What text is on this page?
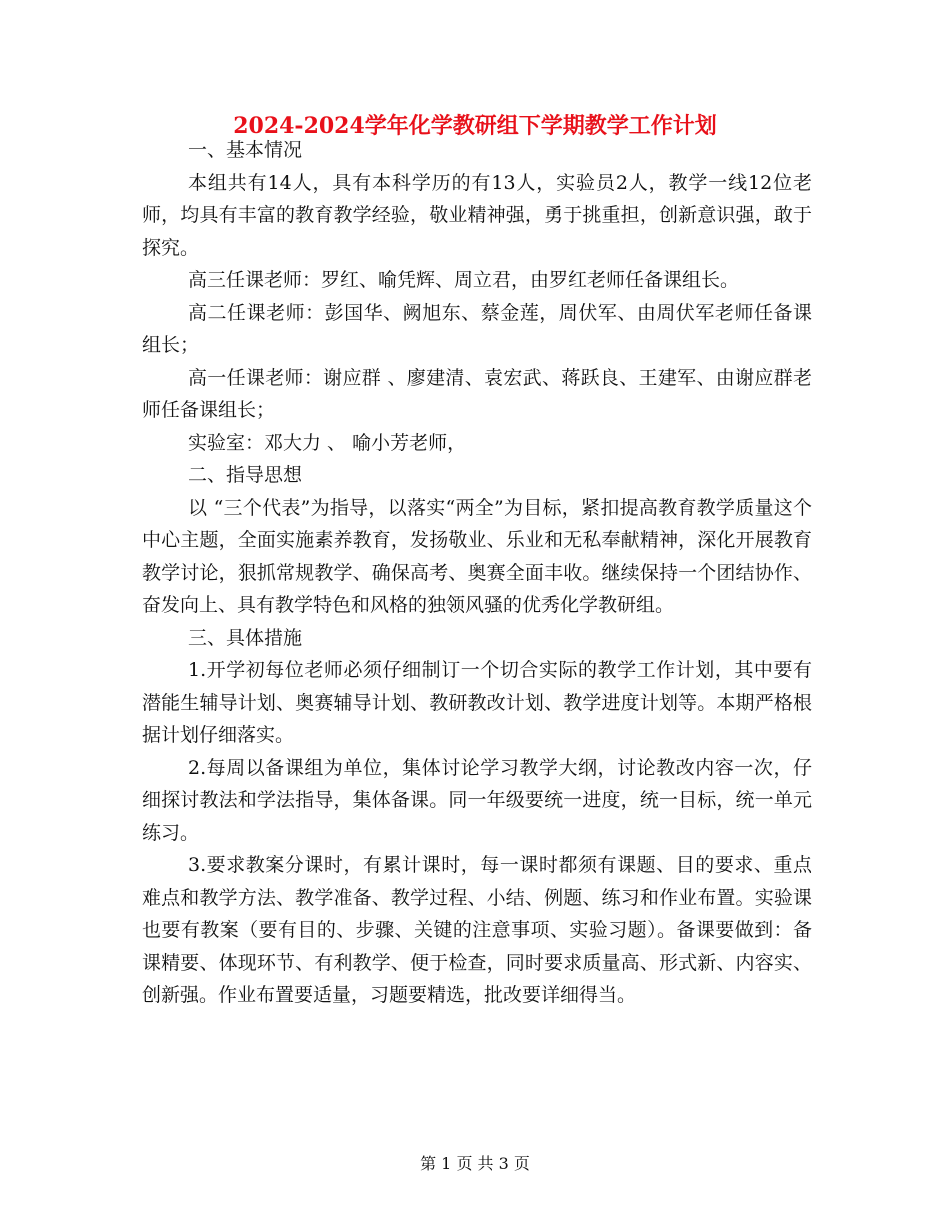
2024-2024学年化学教研组下学期教学工作计划

一、基本情况

本组共有14人，具有本科学历的有13人，实验员2人，教学一线12位老师，均具有丰富的教育教学经验，敬业精神强，勇于挑重担，创新意识强，敢于探究。

高三任课老师：罗红、喻凭辉、周立君，由罗红老师任备课组长。

高二任课老师：彭国华、阙旭东、蔡金莲，周伏军、由周伏军老师任备课组长；

高一任课老师：谢应群 、廖建清、袁宏武、蒋跃良、王建军、由谢应群老师任备课组长；

实验室：邓大力 、 喻小芳老师，

二、指导思想

以 “三个代表”为指导，以落实“两全”为目标，紧扣提高教育教学质量这个中心主题，全面实施素养教育，发扬敬业、乐业和无私奉献精神，深化开展教育教学讨论，狠抓常规教学、确保高考、奥赛全面丰收。继续保持一个团结协作、奋发向上、具有教学特色和风格的独领风骚的优秀化学教研组。

三、具体措施

1.开学初每位老师必须仔细制订一个切合实际的教学工作计划，其中要有潜能生辅导计划、奥赛辅导计划、教研教改计划、教学进度计划等。本期严格根据计划仔细落实。

2.每周以备课组为单位，集体讨论学习教学大纲，讨论教改内容一次，仔细探讨教法和学法指导，集体备课。同一年级要统一进度，统一目标，统一单元练习。

3.要求教案分课时，有累计课时，每一课时都须有课题、目的要求、重点难点和教学方法、教学准备、教学过程、小结、例题、练习和作业布置。实验课也要有教案（要有目的、步骤、关键的注意事项、实验习题）。备课要做到：备课精要、体现环节、有利教学、便于检查，同时要求质量高、形式新、内容实、创新强。作业布置要适量，习题要精选，批改要详细得当。

第 1 页 共 3 页
